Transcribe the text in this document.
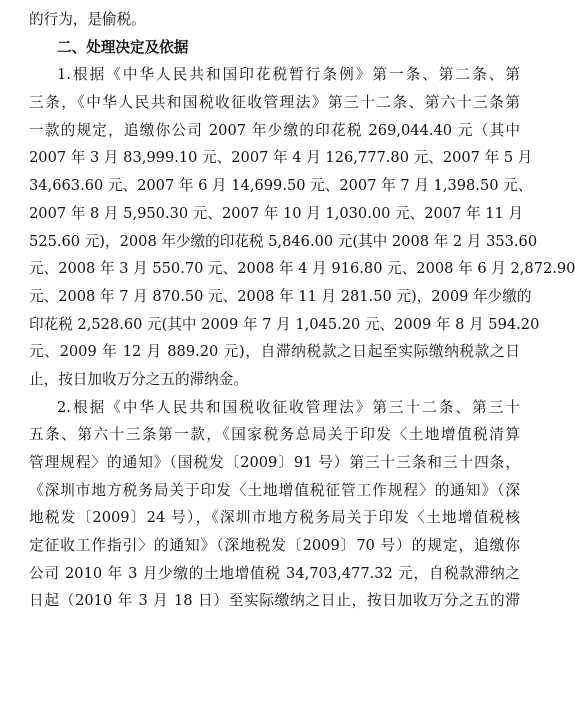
的行为，是偷税。
二、处理决定及依据
1.根据《中华人民共和国印花税暂行条例》第一条、第二条、第
三条，《中华人民共和国税收征收管理法》第三十二条、第六十三条第
一款的规定，追缴你公司 2007 年少缴的印花税 269,044.40 元（其中
2007 年 3 月 83,999.10 元、2007 年 4 月 126,777.80 元、2007 年 5 月
34,663.60 元、2007 年 6 月 14,699.50 元、2007 年 7 月 1,398.50 元、
2007 年 8 月 5,950.30 元、2007 年 10 月 1,030.00 元、2007 年 11 月
525.60 元)，2008 年少缴的印花税 5,846.00 元(其中 2008 年 2 月 353.60
元、2008 年 3 月 550.70 元、2008 年 4 月 916.80 元、2008 年 6 月 2,872.90
元、2008 年 7 月 870.50 元、2008 年 11 月 281.50 元)，2009 年少缴的
印花税 2,528.60 元(其中 2009 年 7 月 1,045.20 元、2009 年 8 月 594.20
元、2009 年 12 月 889.20 元)，自滞纳税款之日起至实际缴纳税款之日
止，按日加收万分之五的滞纳金。
2.根据《中华人民共和国税收征收管理法》第三十二条、第三十
五条、第六十三条第一款，《国家税务总局关于印发〈土地增值税清算
管理规程〉的通知》（国税发〔2009〕91 号）第三十三条和三十四条，
《深圳市地方税务局关于印发〈土地增值税征管工作规程〉的通知》（深
地税发〔2009〕24 号），《深圳市地方税务局关于印发〈土地增值税核
定征收工作指引〉的通知》（深地税发〔2009〕70 号）的规定，追缴你
公司 2010 年 3 月少缴的土地增值税 34,703,477.32 元，自税款滞纳之
日起（2010 年 3 月 18 日）至实际缴纳之日止，按日加收万分之五的滞
